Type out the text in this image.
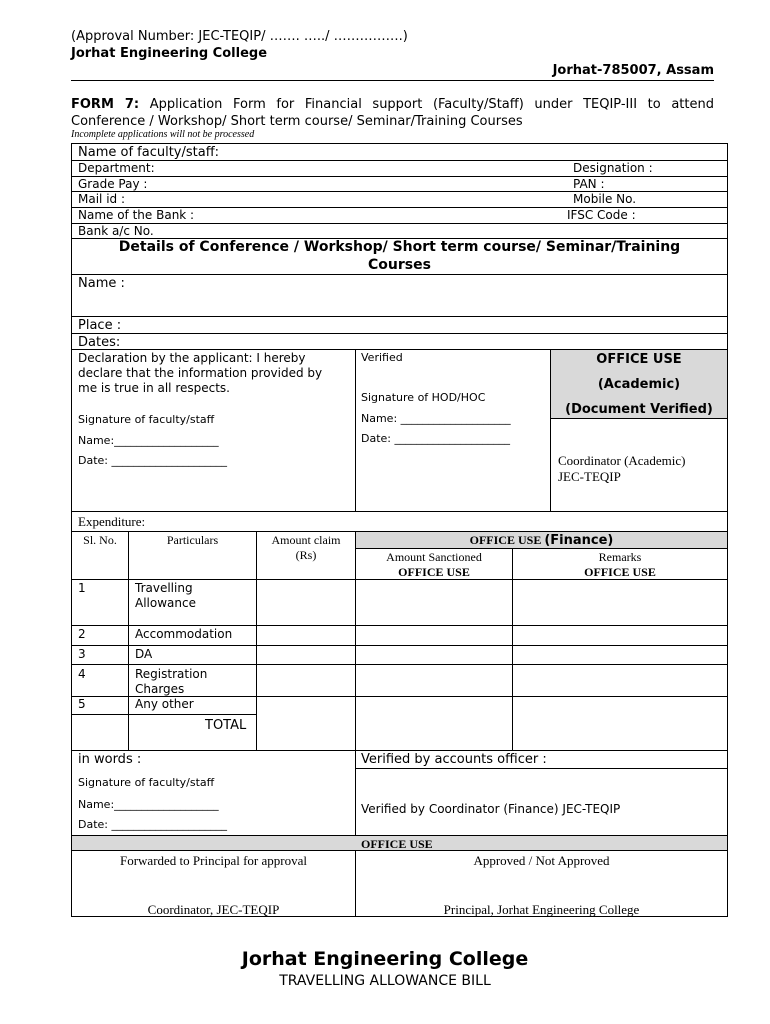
(Approval Number: JEC-TEQIP/ ……. …../ …………….)
Jorhat Engineering College
Jorhat-785007, Assam
FORM 7: Application Form for Financial support (Faculty/Staff) under TEQIP-III to attend Conference / Workshop/ Short term course/ Seminar/Training Courses
Incomplete applications will not be processed
Name of faculty/staff:
Department:	Designation :
Grade Pay :	PAN :
Mail id :	Mobile No.
Name of the Bank :	IFSC Code :
Bank a/c No.
Details of Conference / Workshop/ Short term course/ Seminar/Training
Courses
Name :
Place :
Dates:
Declaration by the applicant: I hereby
declare that the information provided by
me is true in all respects.
Signature of faculty/staff
Name:___________________
Date: _____________________
Verified
Signature of HOD/HOC
Name: ____________________
Date: _____________________
OFFICE USE
(Academic)
(Document Verified)
Coordinator (Academic)
JEC-TEQIP
Expenditure:
Sl. No.	Particulars	Amount claim
(Rs)
OFFICE USE (Finance)
Amount Sanctioned
OFFICE USE
Remarks
OFFICE USE
1	Travelling
Allowance
2	Accommodation
3	DA
4	Registration
Charges
5	Any other
TOTAL
in words :	Verified by accounts officer :
Signature of faculty/staff
Name:___________________
Date: _____________________
Verified by Coordinator (Finance) JEC-TEQIP
OFFICE USE
Forwarded to Principal for approval	Approved / Not Approved
Coordinator, JEC-TEQIP	Principal, Jorhat Engineering College
Jorhat Engineering College
TRAVELLING ALLOWANCE BILL
